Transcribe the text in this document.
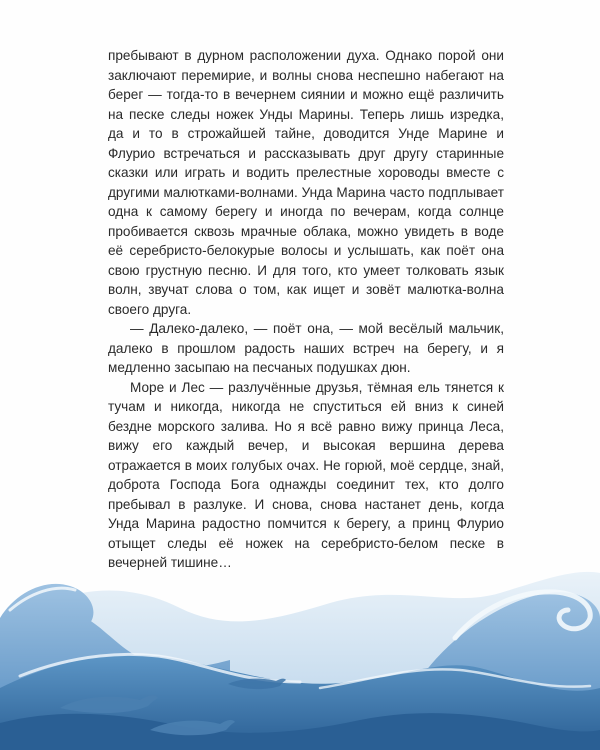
пребывают в дурном расположении духа. Однако порой они заключают перемирие, и волны снова неспешно набегают на берег — тогда-то в вечернем сиянии и можно ещё различить на песке следы ножек Унды Марины. Теперь лишь изредка, да и то в строжайшей тайне, доводится Унде Марине и Флурио встречаться и рассказывать друг другу старинные сказки или играть и водить прелестные хороводы вместе с другими малютками-волнами. Унда Марина часто подплывает одна к самому берегу и иногда по вечерам, когда солнце пробивается сквозь мрачные облака, можно увидеть в воде её серебристо-белокурые волосы и услышать, как поёт она свою грустную песню. И для того, кто умеет толковать язык волн, звучат слова о том, как ищет и зовёт малютка-волна своего друга.

— Далеко-далеко, — поёт она, — мой весёлый мальчик, далеко в прошлом радость наших встреч на берегу, и я медленно засыпаю на песчаных подушках дюн.

Море и Лес — разлучённые друзья, тёмная ель тянется к тучам и никогда, никогда не спуститься ей вниз к синей бездне морского залива. Но я всё равно вижу принца Леса, вижу его каждый вечер, и высокая вершина дерева отражается в моих голубых очах. Не горюй, моё сердце, знай, доброта Господа Бога однажды соединит тех, кто долго пребывал в разлуке. И снова, снова настанет день, когда Унда Марина радостно помчится к берегу, а принц Флурио отыщет следы её ножек на серебристо-белом песке в вечерней тишине…
